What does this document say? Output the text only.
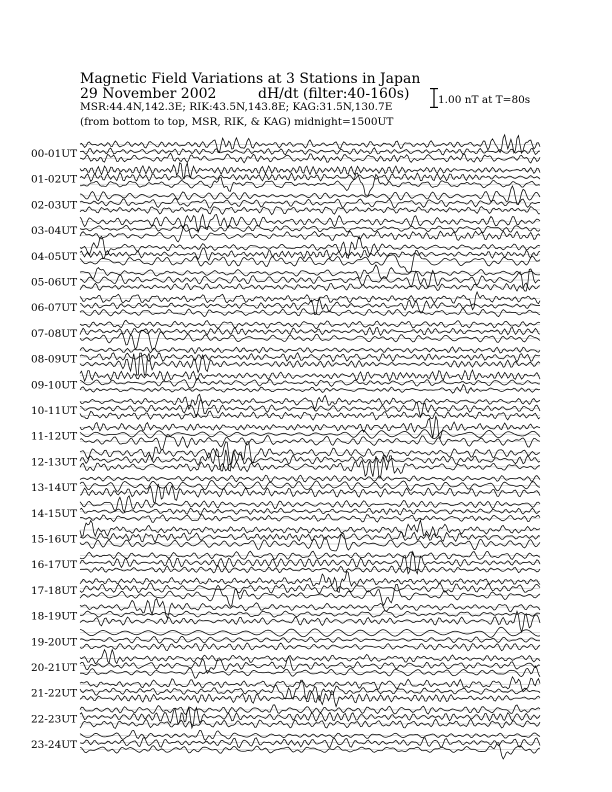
Magnetic Field Variations at 3 Stations in Japan
29 November 2002	dH/dt (filter:40-160s)
MSR:44.4N,142.3E; RIK:43.5N,143.8E; KAG:31.5N,130.7E
(from bottom to top, MSR, RIK, & KAG) midnight=1500UT
1.00 nT at T=80s
00-01UT
01-02UT
02-03UT
03-04UT
04-05UT
05-06UT
06-07UT
07-08UT
08-09UT
09-10UT
10-11UT
11-12UT
12-13UT
13-14UT
14-15UT
15-16UT
16-17UT
17-18UT
18-19UT
19-20UT
20-21UT
21-22UT
22-23UT
23-24UT
